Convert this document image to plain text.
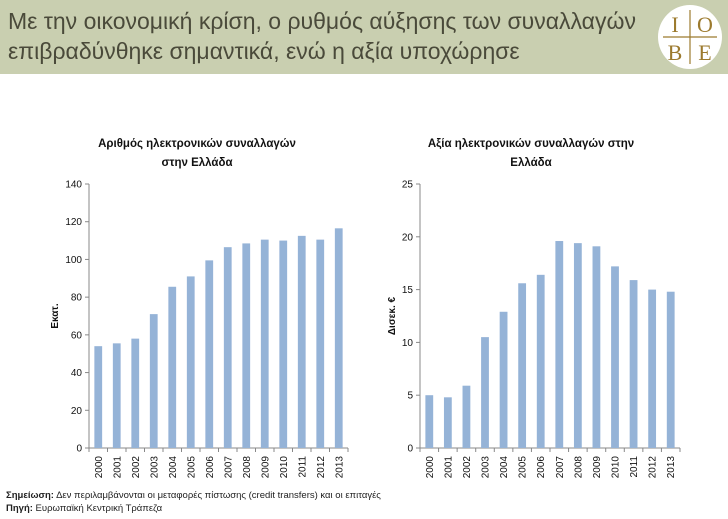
Με την οικονομική κρίση, ο ρυθμός αύξησης των συναλλαγών επιβραδύνθηκε σημαντικά, ενώ η αξία υποχώρησε
Ι Ο
Β Ε
Αριθμός ηλεκτρονικών συναλλαγών
στην Ελλάδα
Εκατ.
0
20
40
60
80
100
120
140
2000 2001 2002 2003 2004 2005 2006 2007 2008 2009 2010 2011 2012 2013
Αξία ηλεκτρονικών συναλλαγών στην
Ελλάδα
Δισεκ. €
0
5
10
15
20
25
2000 2001 2002 2003 2004 2005 2006 2007 2008 2009 2010 2011 2012 2013
Σημείωση: Δεν περιλαμβάνονται οι μεταφορές πίστωσης (credit transfers) και οι επιταγές
Πηγή: Ευρωπαϊκή Κεντρική Τράπεζα
